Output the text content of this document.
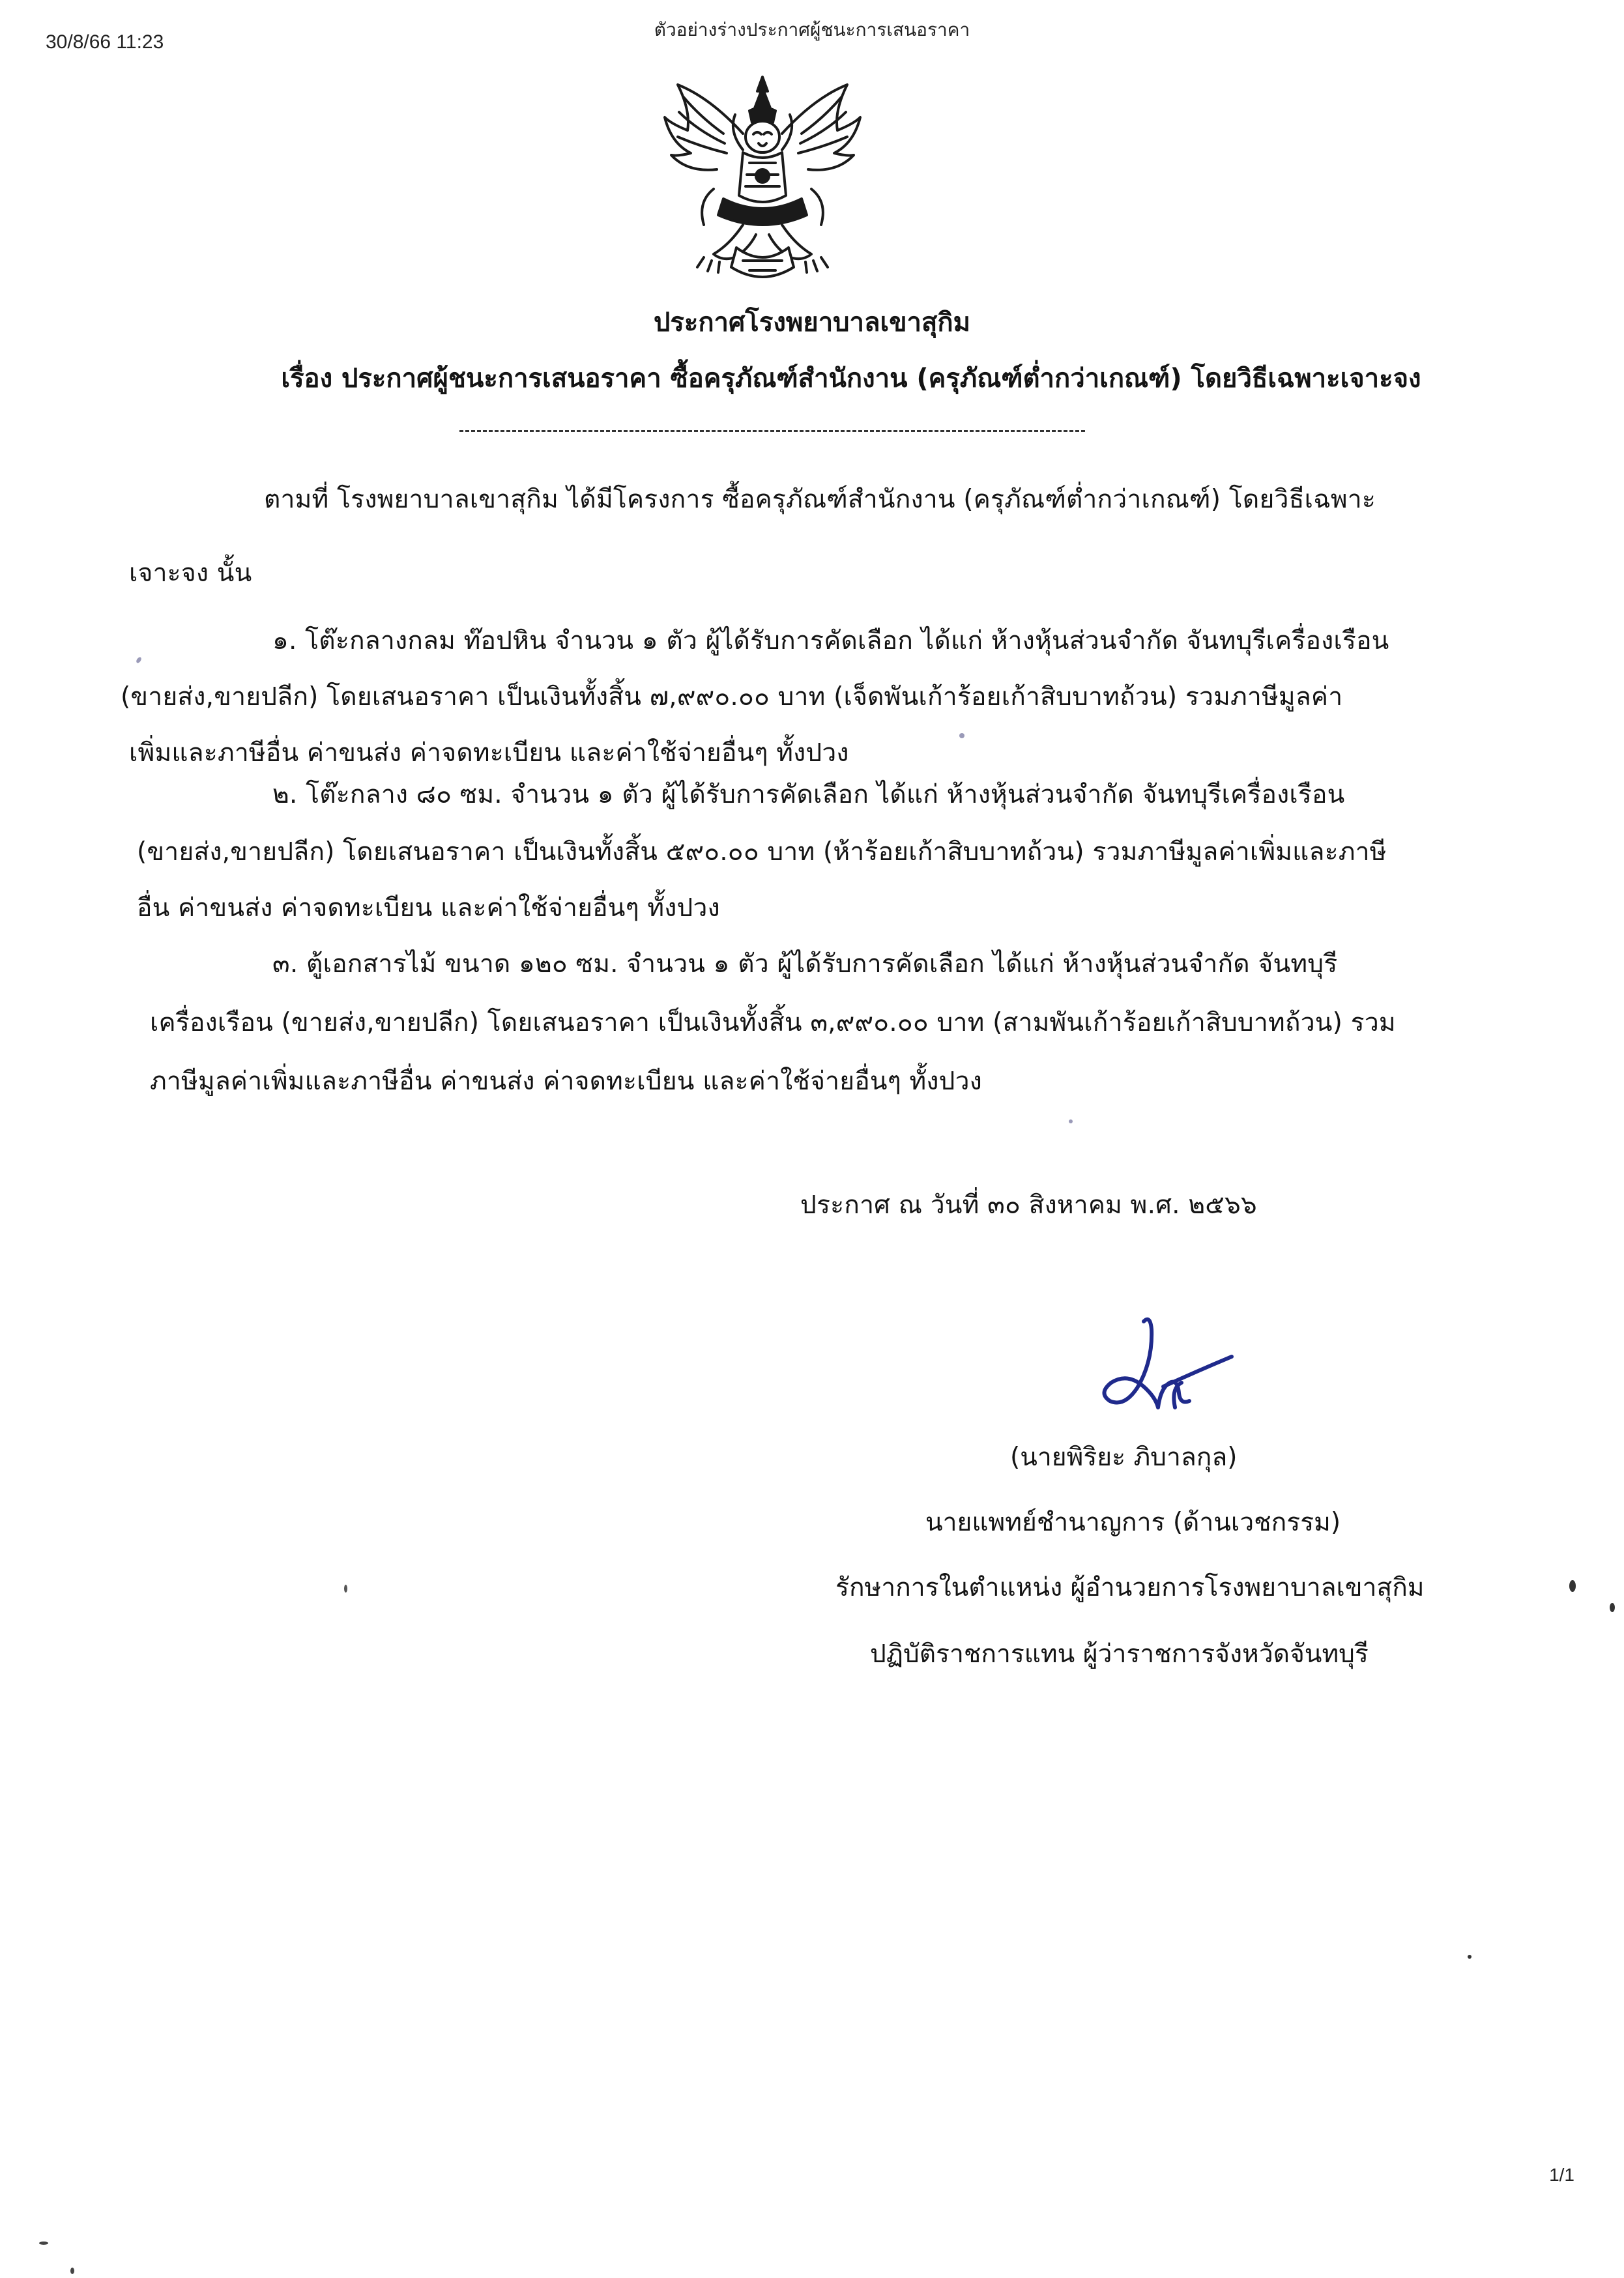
30/8/66 11:23
ตัวอย่างร่างประกาศผู้ชนะการเสนอราคา
ประกาศโรงพยาบาลเขาสุกิม
เรื่อง ประกาศผู้ชนะการเสนอราคา ซื้อครุภัณฑ์สำนักงาน (ครุภัณฑ์ต่ำกว่าเกณฑ์) โดยวิธีเฉพาะเจาะจง
ตามที่ โรงพยาบาลเขาสุกิม ได้มีโครงการ ซื้อครุภัณฑ์สำนักงาน (ครุภัณฑ์ต่ำกว่าเกณฑ์) โดยวิธีเฉพาะ
เจาะจง นั้น
๑. โต๊ะกลางกลม ท๊อปหิน จำนวน ๑ ตัว ผู้ได้รับการคัดเลือก ได้แก่ ห้างหุ้นส่วนจำกัด จันทบุรีเครื่องเรือน
(ขายส่ง,ขายปลีก) โดยเสนอราคา เป็นเงินทั้งสิ้น ๗,๙๙๐.๐๐ บาท (เจ็ดพันเก้าร้อยเก้าสิบบาทถ้วน) รวมภาษีมูลค่า
เพิ่มและภาษีอื่น ค่าขนส่ง ค่าจดทะเบียน และค่าใช้จ่ายอื่นๆ ทั้งปวง
๒. โต๊ะกลาง ๘๐ ซม. จำนวน ๑ ตัว ผู้ได้รับการคัดเลือก ได้แก่ ห้างหุ้นส่วนจำกัด จันทบุรีเครื่องเรือน
(ขายส่ง,ขายปลีก) โดยเสนอราคา เป็นเงินทั้งสิ้น ๕๙๐.๐๐ บาท (ห้าร้อยเก้าสิบบาทถ้วน) รวมภาษีมูลค่าเพิ่มและภาษี
อื่น ค่าขนส่ง ค่าจดทะเบียน และค่าใช้จ่ายอื่นๆ ทั้งปวง
๓. ตู้เอกสารไม้ ขนาด ๑๒๐ ซม. จำนวน ๑ ตัว ผู้ได้รับการคัดเลือก ได้แก่ ห้างหุ้นส่วนจำกัด จันทบุรี
เครื่องเรือน (ขายส่ง,ขายปลีก) โดยเสนอราคา เป็นเงินทั้งสิ้น ๓,๙๙๐.๐๐ บาท (สามพันเก้าร้อยเก้าสิบบาทถ้วน) รวม
ภาษีมูลค่าเพิ่มและภาษีอื่น ค่าขนส่ง ค่าจดทะเบียน และค่าใช้จ่ายอื่นๆ ทั้งปวง
ประกาศ ณ วันที่ ๓๐ สิงหาคม พ.ศ. ๒๕๖๖
(นายพิริยะ ภิบาลกุล)
นายแพทย์ชำนาญการ (ด้านเวชกรรม)
รักษาการในตำแหน่ง ผู้อำนวยการโรงพยาบาลเขาสุกิม
ปฏิบัติราชการแทน ผู้ว่าราชการจังหวัดจันทบุรี
1/1
